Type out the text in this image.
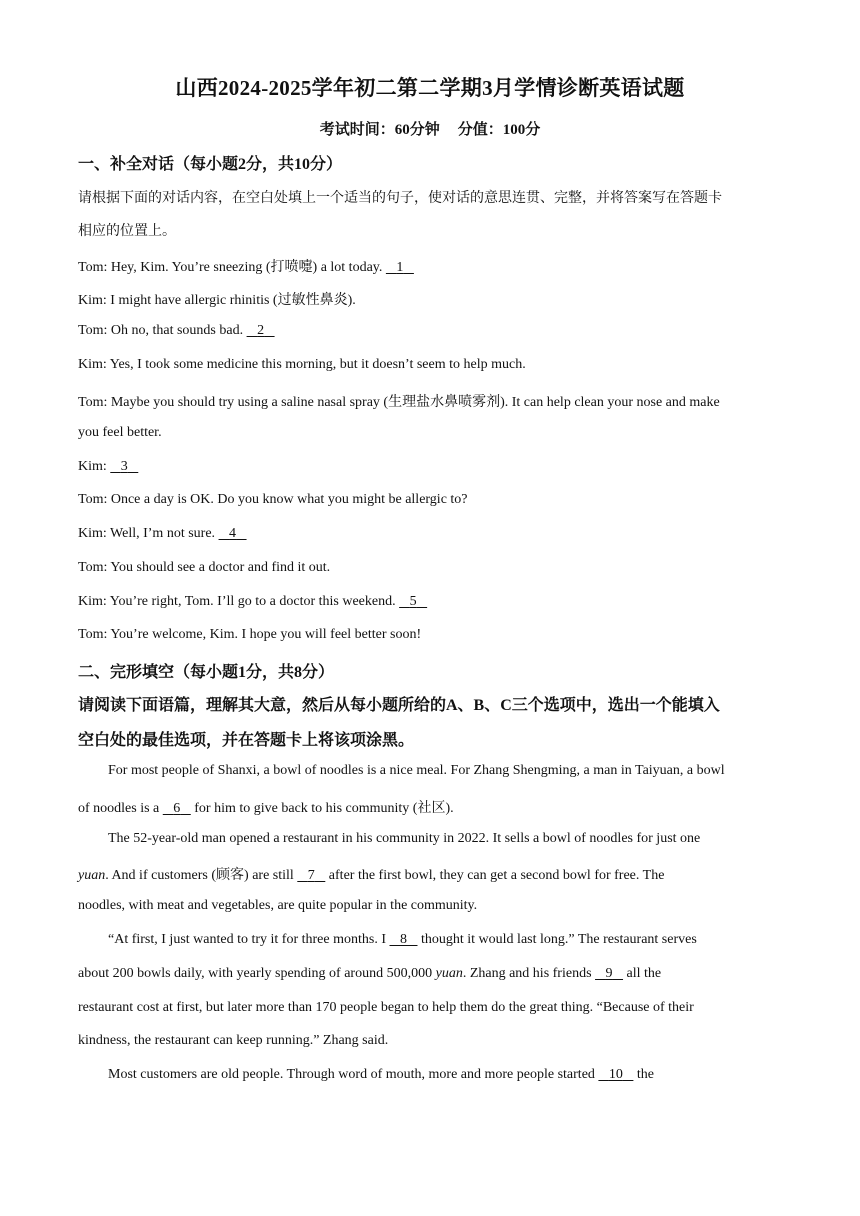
山西2024-2025学年初二第二学期3月学情诊断英语试题
考试时间：60分钟 分值：100分
一、补全对话（每小题2分，共10分）
请根据下面的对话内容，在空白处填上一个适当的句子，使对话的意思连贯、完整，并将答案写在答题卡
相应的位置上。
Tom: Hey, Kim. You’re sneezing (打喷嚏) a lot today. 1
Kim: I might have allergic rhinitis (过敏性鼻炎).
Tom: Oh no, that sounds bad. 2
Kim: Yes, I took some medicine this morning, but it doesn’t seem to help much.
Tom: Maybe you should try using a saline nasal spray (生理盐水鼻喷雾剂). It can help clean your nose and make
you feel better.
Kim: 3
Tom: Once a day is OK. Do you know what you might be allergic to?
Kim: Well, I’m not sure. 4
Tom: You should see a doctor and find it out.
Kim: You’re right, Tom. I’ll go to a doctor this weekend. 5
Tom: You’re welcome, Kim. I hope you will feel better soon!
二、完形填空（每小题1分，共8分）
请阅读下面语篇，理解其大意，然后从每小题所给的A、B、C三个选项中，选出一个能填入
空白处的最佳选项，并在答题卡上将该项涂黑。
For most people of Shanxi, a bowl of noodles is a nice meal. For Zhang Shengming, a man in Taiyuan, a bowl
of noodles is a 6 for him to give back to his community (社区).
The 52-year-old man opened a restaurant in his community in 2022. It sells a bowl of noodles for just one
yuan. And if customers (顾客) are still 7 after the first bowl, they can get a second bowl for free. The
noodles, with meat and vegetables, are quite popular in the community.
“At first, I just wanted to try it for three months. I 8 thought it would last long.” The restaurant serves
about 200 bowls daily, with yearly spending of around 500,000 yuan. Zhang and his friends 9 all the
restaurant cost at first, but later more than 170 people began to help them do the great thing. “Because of their
kindness, the restaurant can keep running.” Zhang said.
Most customers are old people. Through word of mouth, more and more people started 10 the
